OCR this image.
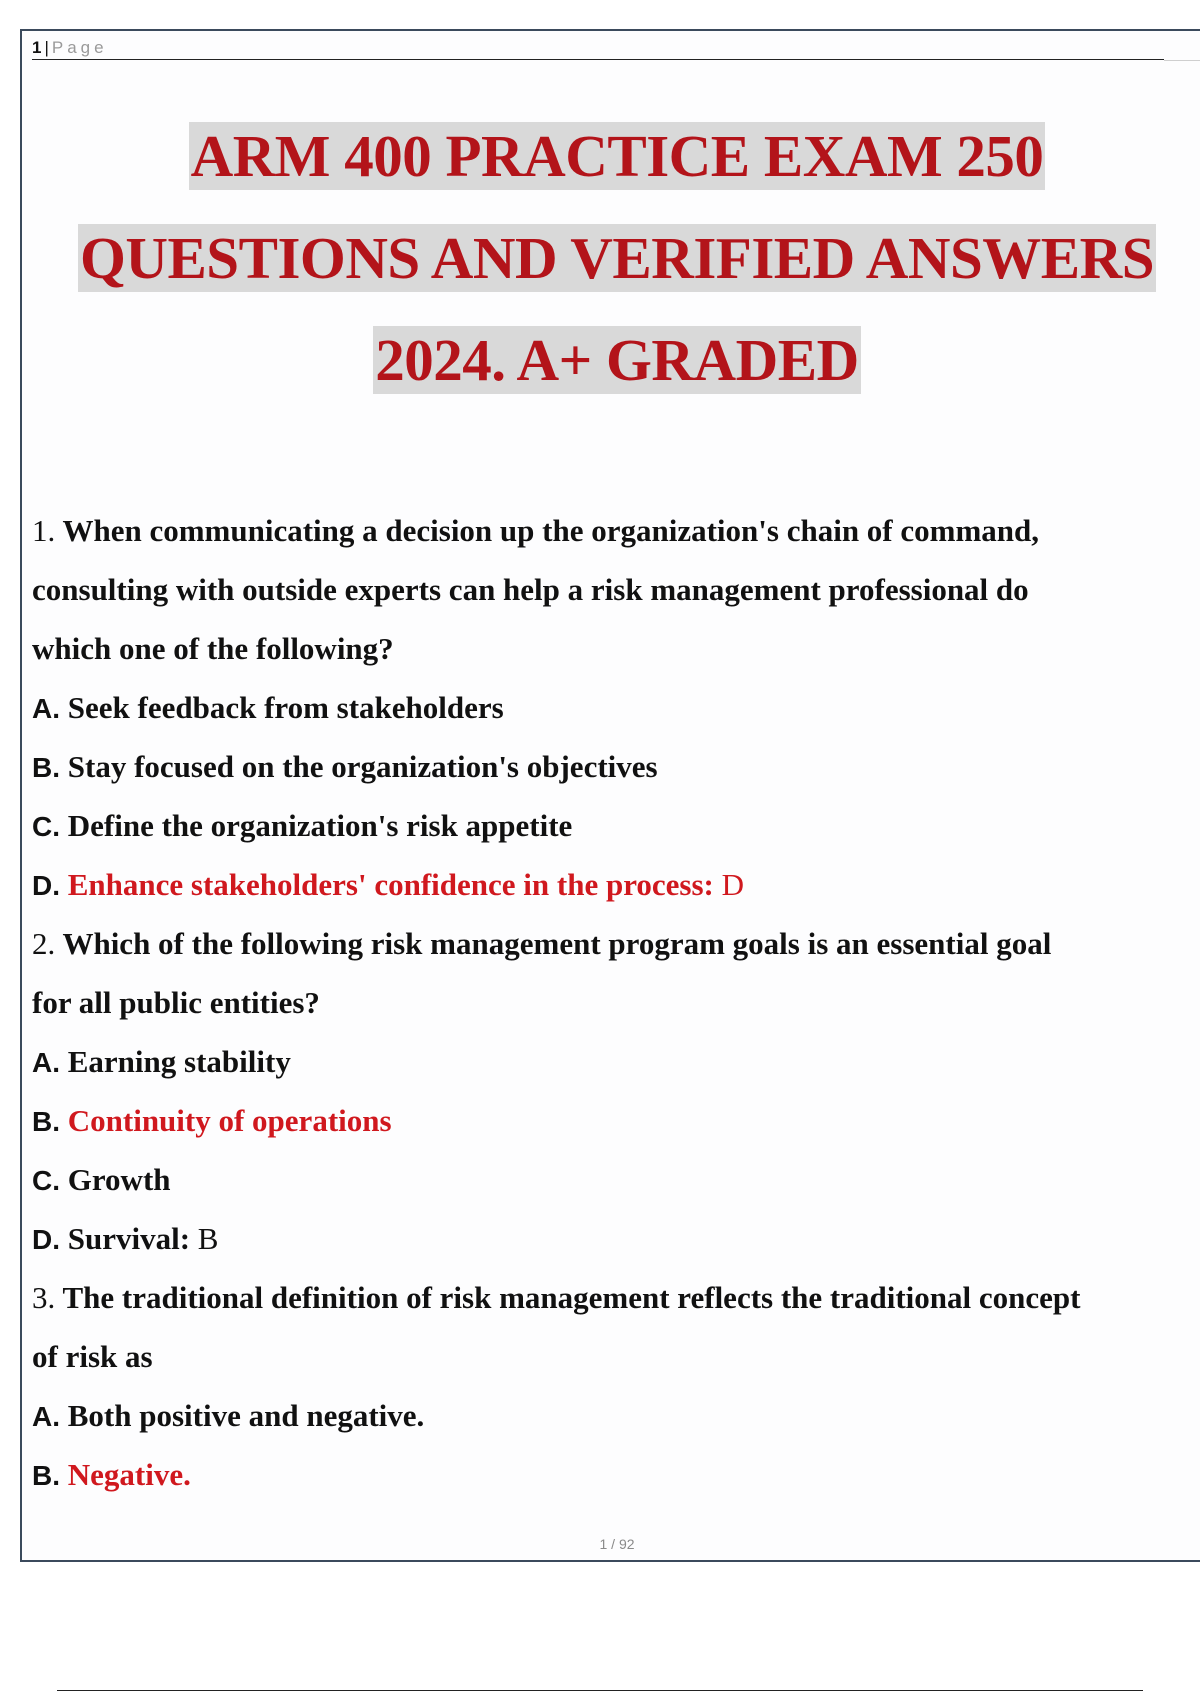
1 | Page
ARM 400 PRACTICE EXAM 250
QUESTIONS AND VERIFIED ANSWERS
2024. A+ GRADED
1. When communicating a decision up the organization's chain of command,
consulting with outside experts can help a risk management professional do
which one of the following?
A. Seek feedback from stakeholders
B. Stay focused on the organization's objectives
C. Define the organization's risk appetite
D. Enhance stakeholders' confidence in the process: D
2. Which of the following risk management program goals is an essential goal
for all public entities?
A. Earning stability
B. Continuity of operations
C. Growth
D. Survival: B
3. The traditional definition of risk management reflects the traditional concept
of risk as
A. Both positive and negative.
B. Negative.
1 / 92
